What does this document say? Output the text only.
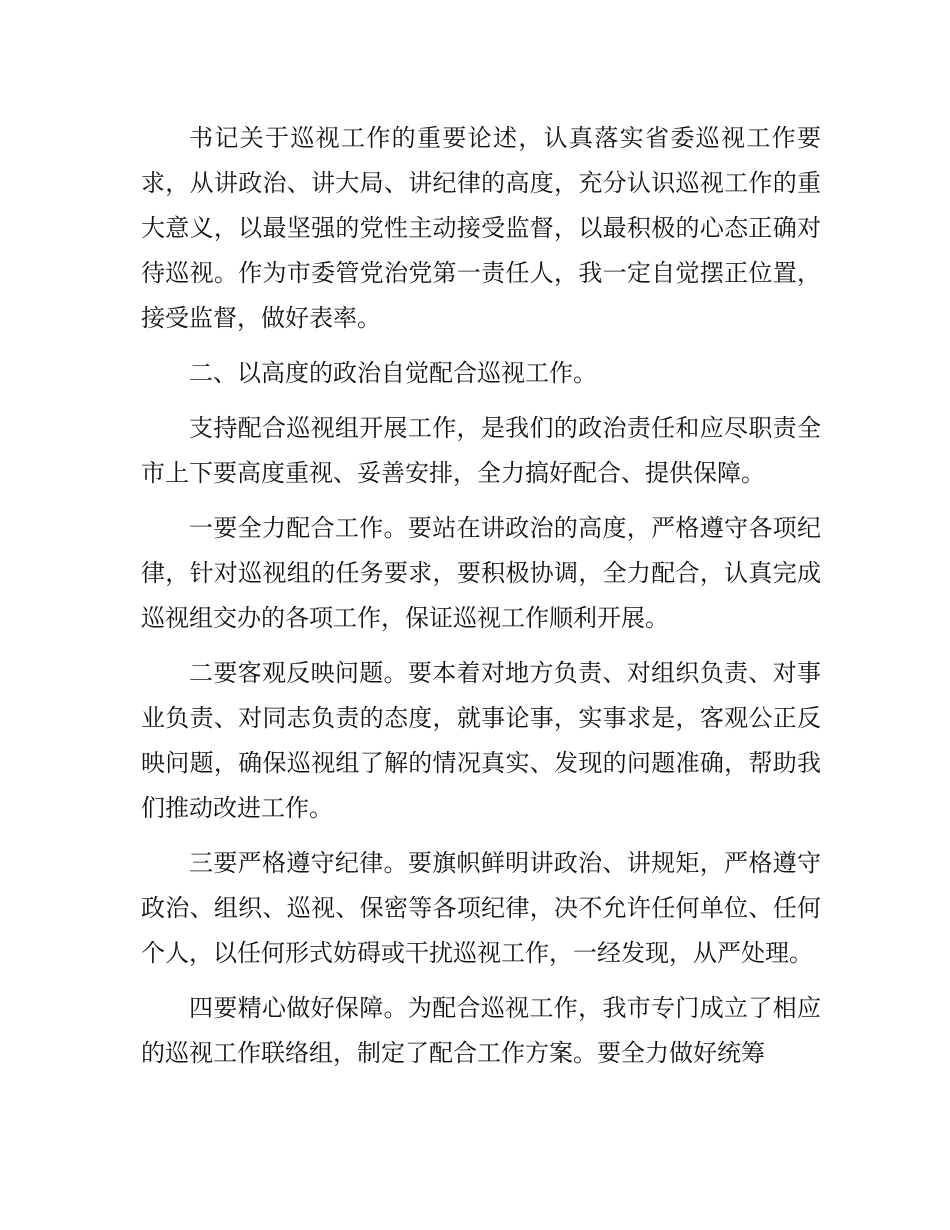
书记关于巡视工作的重要论述，认真落实省委巡视工作要求，从讲政治、讲大局、讲纪律的高度，充分认识巡视工作的重大意义，以最坚强的党性主动接受监督，以最积极的心态正确对待巡视。作为市委管党治党第一责任人，我一定自觉摆正位置，接受监督，做好表率。

二、以高度的政治自觉配合巡视工作。

支持配合巡视组开展工作，是我们的政治责任和应尽职责全市上下要高度重视、妥善安排，全力搞好配合、提供保障。

一要全力配合工作。要站在讲政治的高度，严格遵守各项纪律，针对巡视组的任务要求，要积极协调，全力配合，认真完成巡视组交办的各项工作，保证巡视工作顺利开展。

二要客观反映问题。要本着对地方负责、对组织负责、对事业负责、对同志负责的态度，就事论事，实事求是，客观公正反映问题，确保巡视组了解的情况真实、发现的问题准确，帮助我们推动改进工作。

三要严格遵守纪律。要旗帜鲜明讲政治、讲规矩，严格遵守政治、组织、巡视、保密等各项纪律，决不允许任何单位、任何个人，以任何形式妨碍或干扰巡视工作，一经发现，从严处理。

四要精心做好保障。为配合巡视工作，我市专门成立了相应的巡视工作联络组，制定了配合工作方案。要全力做好统筹
